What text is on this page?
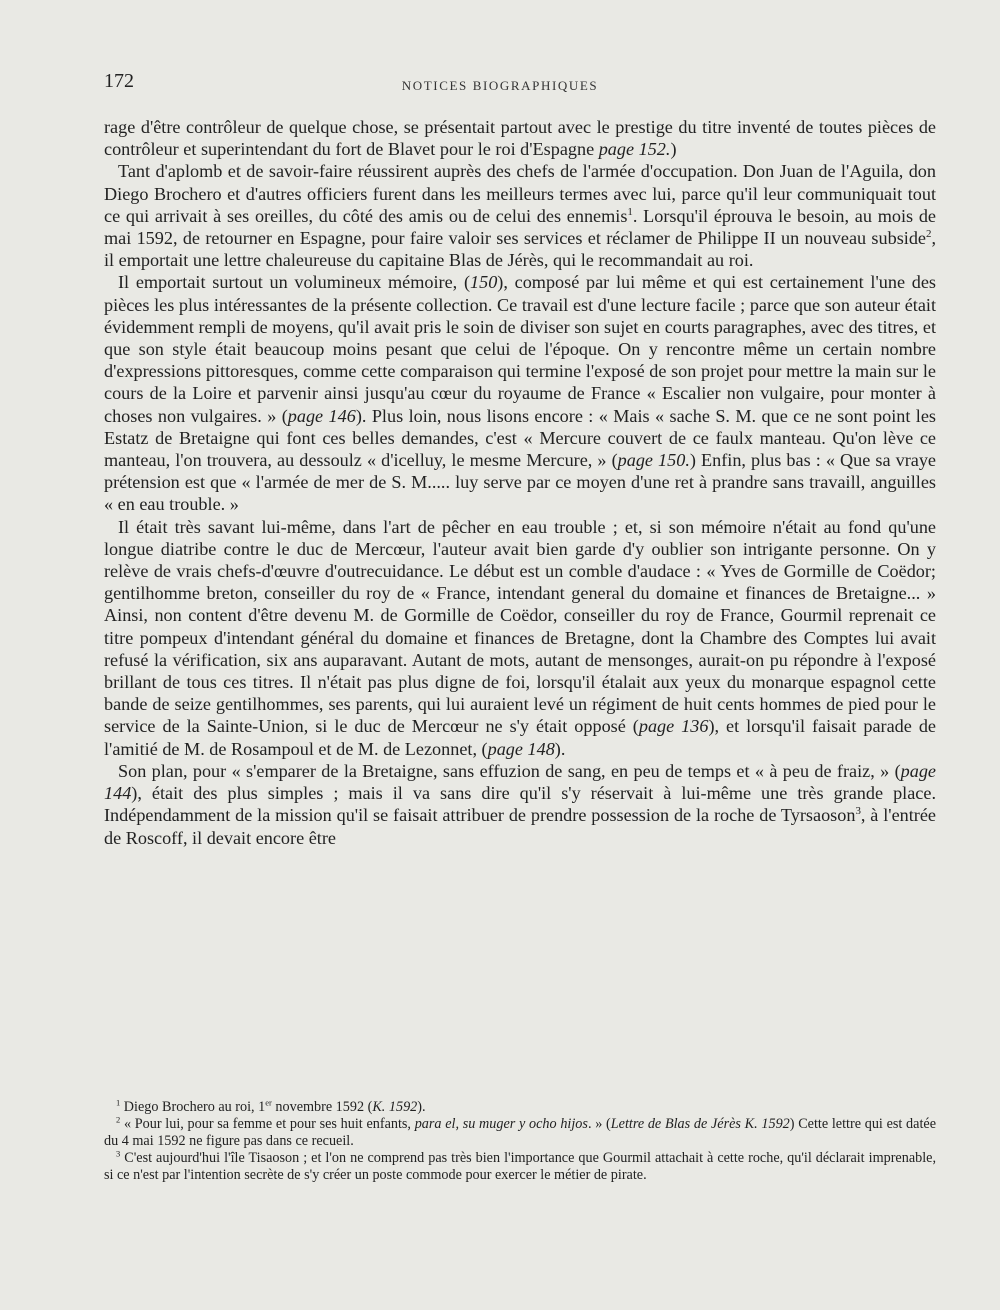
172	NOTICES BIOGRAPHIQUES

rage d'être contrôleur de quelque chose, se présentait partout avec le prestige du titre inventé de toutes pièces de contrôleur et superintendant du fort de Blavet pour le roi d'Espagne page 152.)

Tant d'aplomb et de savoir-faire réussirent auprès des chefs de l'armée d'occupation. Don Juan de l'Aguila, don Diego Brochero et d'autres officiers furent dans les meilleurs termes avec lui, parce qu'il leur communiquait tout ce qui arrivait à ses oreilles, du côté des amis ou de celui des ennemis$^1$. Lorsqu'il éprouva le besoin, au mois de mai 1592, de retourner en Espagne, pour faire valoir ses services et réclamer de Philippe II un nouveau subside$^2$, il emportait une lettre chaleureuse du capitaine Blas de Jérès, qui le recommandait au roi.

Il emportait surtout un volumineux mémoire, (150), composé par lui même et qui est certainement l'une des pièces les plus intéressantes de la présente collection. Ce travail est d'une lecture facile ; parce que son auteur était évidemment rempli de moyens, qu'il avait pris le soin de diviser son sujet en courts paragraphes, avec des titres, et que son style était beaucoup moins pesant que celui de l'époque. On y rencontre même un certain nombre d'expressions pittoresques, comme cette comparaison qui termine l'exposé de son projet pour mettre la main sur le cours de la Loire et parvenir ainsi jusqu'au cœur du royaume de France « Escalier non vulgaire, pour monter à choses non vulgaires. » (page 146). Plus loin, nous lisons encore : « Mais « sache S. M. que ce ne sont point les Estatz de Bretaigne qui font ces belles demandes, c'est « Mercure couvert de ce faulx manteau. Qu'on lève ce manteau, l'on trouvera, au dessoulz « d'icelluy, le mesme Mercure, » (page 150.) Enfin, plus bas : « Que sa vraye prétension est que « l'armée de mer de S. M..... luy serve par ce moyen d'une ret à prandre sans travaill, anguilles « en eau trouble. »

Il était très savant lui-même, dans l'art de pêcher en eau trouble ; et, si son mémoire n'était au fond qu'une longue diatribe contre le duc de Mercœur, l'auteur avait bien garde d'y oublier son intrigante personne. On y relève de vrais chefs-d'œuvre d'outrecuidance. Le début est un comble d'audace : « Yves de Gormille de Coëdor; gentilhomme breton, conseiller du roy de « France, intendant general du domaine et finances de Bretaigne... » Ainsi, non content d'être devenu M. de Gormille de Coëdor, conseiller du roy de France, Gourmil reprenait ce titre pompeux d'intendant général du domaine et finances de Bretagne, dont la Chambre des Comptes lui avait refusé la vérification, six ans auparavant. Autant de mots, autant de mensonges, aurait-on pu répondre à l'exposé brillant de tous ces titres. Il n'était pas plus digne de foi, lorsqu'il étalait aux yeux du monarque espagnol cette bande de seize gentilhommes, ses parents, qui lui auraient levé un régiment de huit cents hommes de pied pour le service de la Sainte-Union, si le duc de Mercœur ne s'y était opposé (page 136), et lorsqu'il faisait parade de l'amitié de M. de Rosampoul et de M. de Lezonnet, (page 148).

Son plan, pour « s'emparer de la Bretaigne, sans effuzion de sang, en peu de temps et « à peu de fraiz, » (page 144), était des plus simples ; mais il va sans dire qu'il s'y réservait à lui-même une très grande place. Indépendamment de la mission qu'il se faisait attribuer de prendre possession de la roche de Tyrsaoson$^3$, à l'entrée de Roscoff, il devait encore être

$^1$ Diego Brochero au roi, 1er novembre 1592 (K. 1592).

$^2$ « Pour lui, pour sa femme et pour ses huit enfants, para el, su muger y ocho hijos. » (Lettre de Blas de Jérès K. 1592) Cette lettre qui est datée du 4 mai 1592 ne figure pas dans ce recueil.

$^3$ C'est aujourd'hui l'île Tisaoson ; et l'on ne comprend pas très bien l'importance que Gourmil attachait à cette roche, qu'il déclarait imprenable, si ce n'est par l'intention secrète de s'y créer un poste commode pour exercer le métier de pirate.
